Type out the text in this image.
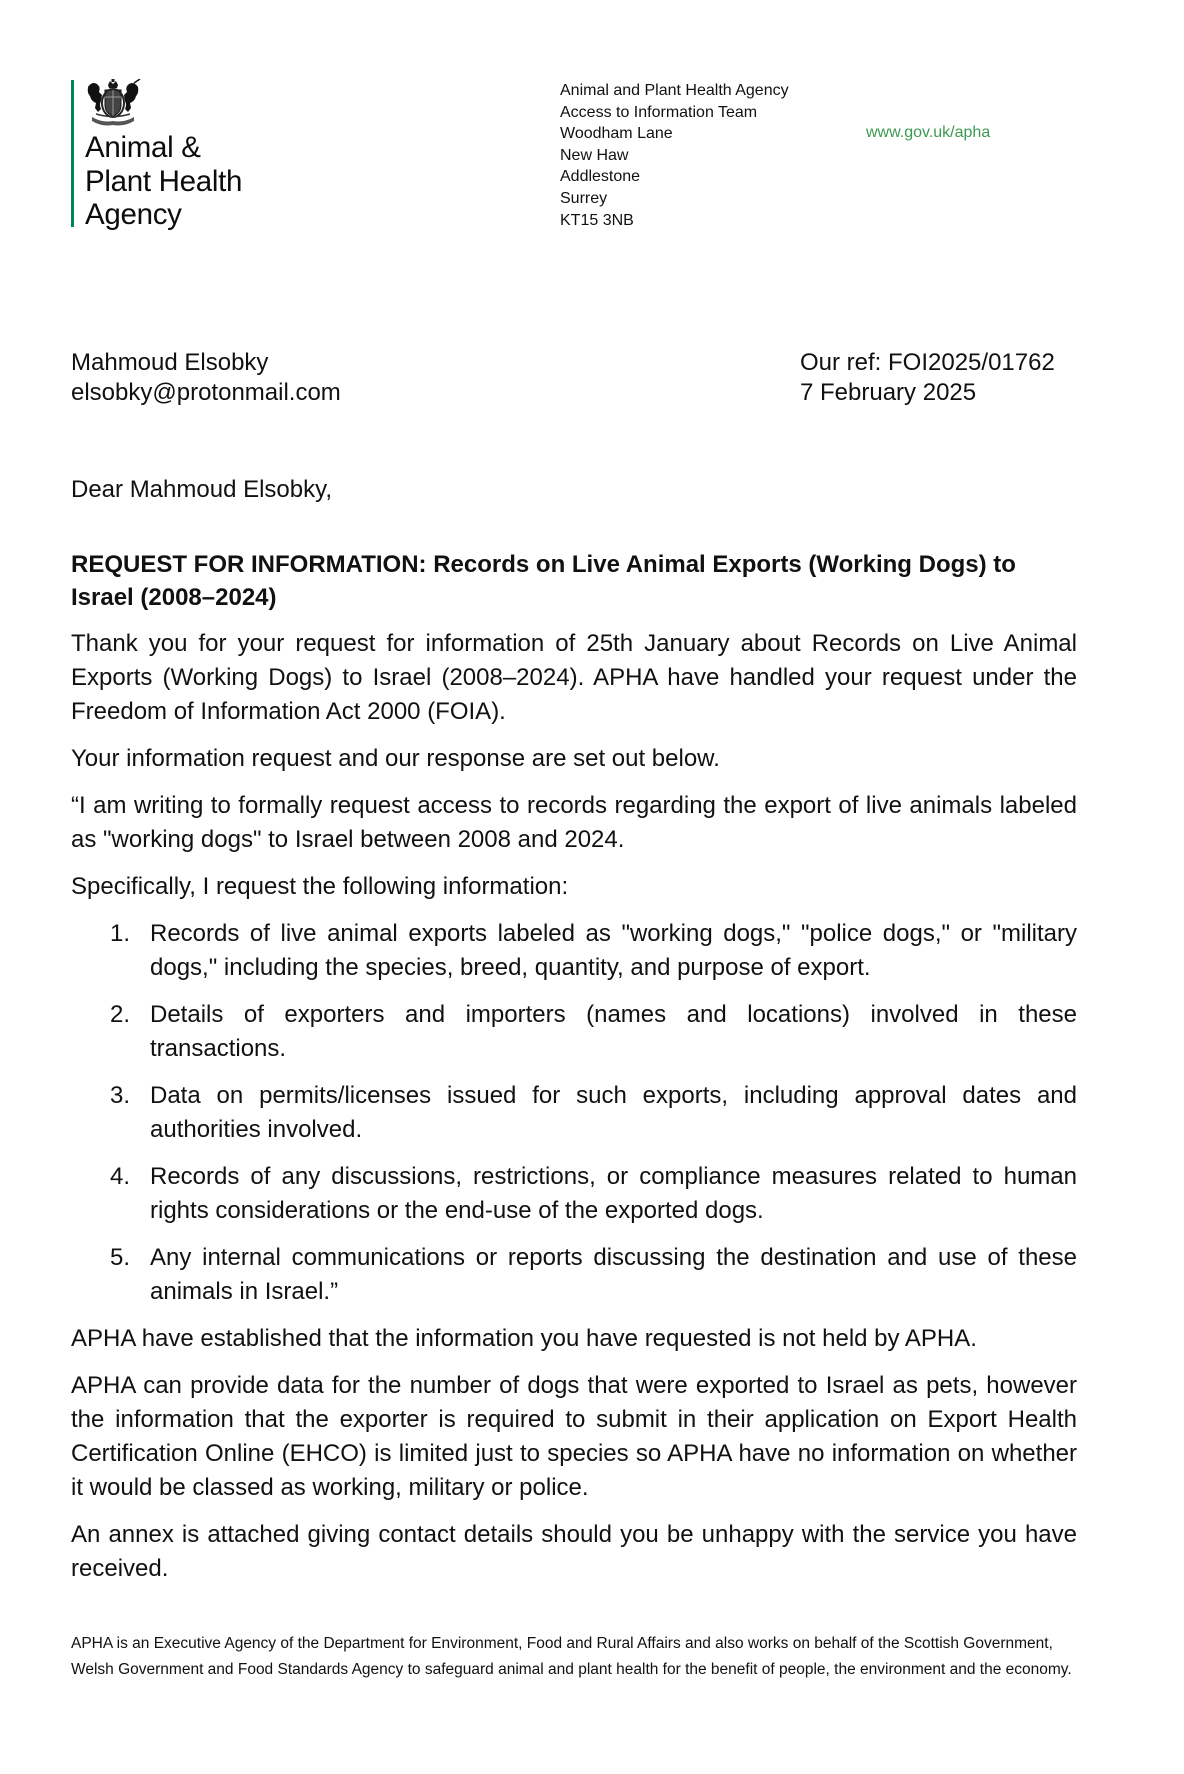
Animal &
Plant Health
Agency
Animal and Plant Health Agency
Access to Information Team
Woodham Lane
New Haw
Addlestone
Surrey
KT15 3NB
www.gov.uk/apha
Mahmoud Elsobky
elsobky@protonmail.com
Our ref: FOI2025/01762
7 February 2025
Dear Mahmoud Elsobky,

REQUEST FOR INFORMATION: Records on Live Animal Exports (Working Dogs) to Israel (2008–2024)

Thank you for your request for information of 25th January about Records on Live Animal Exports (Working Dogs) to Israel (2008–2024). APHA have handled your request under the Freedom of Information Act 2000 (FOIA).

Your information request and our response are set out below.

“I am writing to formally request access to records regarding the export of live animals labeled as "working dogs" to Israel between 2008 and 2024.

Specifically, I request the following information:

1. Records of live animal exports labeled as "working dogs," "police dogs," or "military dogs," including the species, breed, quantity, and purpose of export.
2. Details of exporters and importers (names and locations) involved in these transactions.
3. Data on permits/licenses issued for such exports, including approval dates and authorities involved.
4. Records of any discussions, restrictions, or compliance measures related to human rights considerations or the end-use of the exported dogs.
5. Any internal communications or reports discussing the destination and use of these animals in Israel.”

APHA have established that the information you have requested is not held by APHA.

APHA can provide data for the number of dogs that were exported to Israel as pets, however the information that the exporter is required to submit in their application on Export Health Certification Online (EHCO) is limited just to species so APHA have no information on whether it would be classed as working, military or police.

An annex is attached giving contact details should you be unhappy with the service you have received.

APHA is an Executive Agency of the Department for Environment, Food and Rural Affairs and also works on behalf of the Scottish Government, Welsh Government and Food Standards Agency to safeguard animal and plant health for the benefit of people, the environment and the economy.
